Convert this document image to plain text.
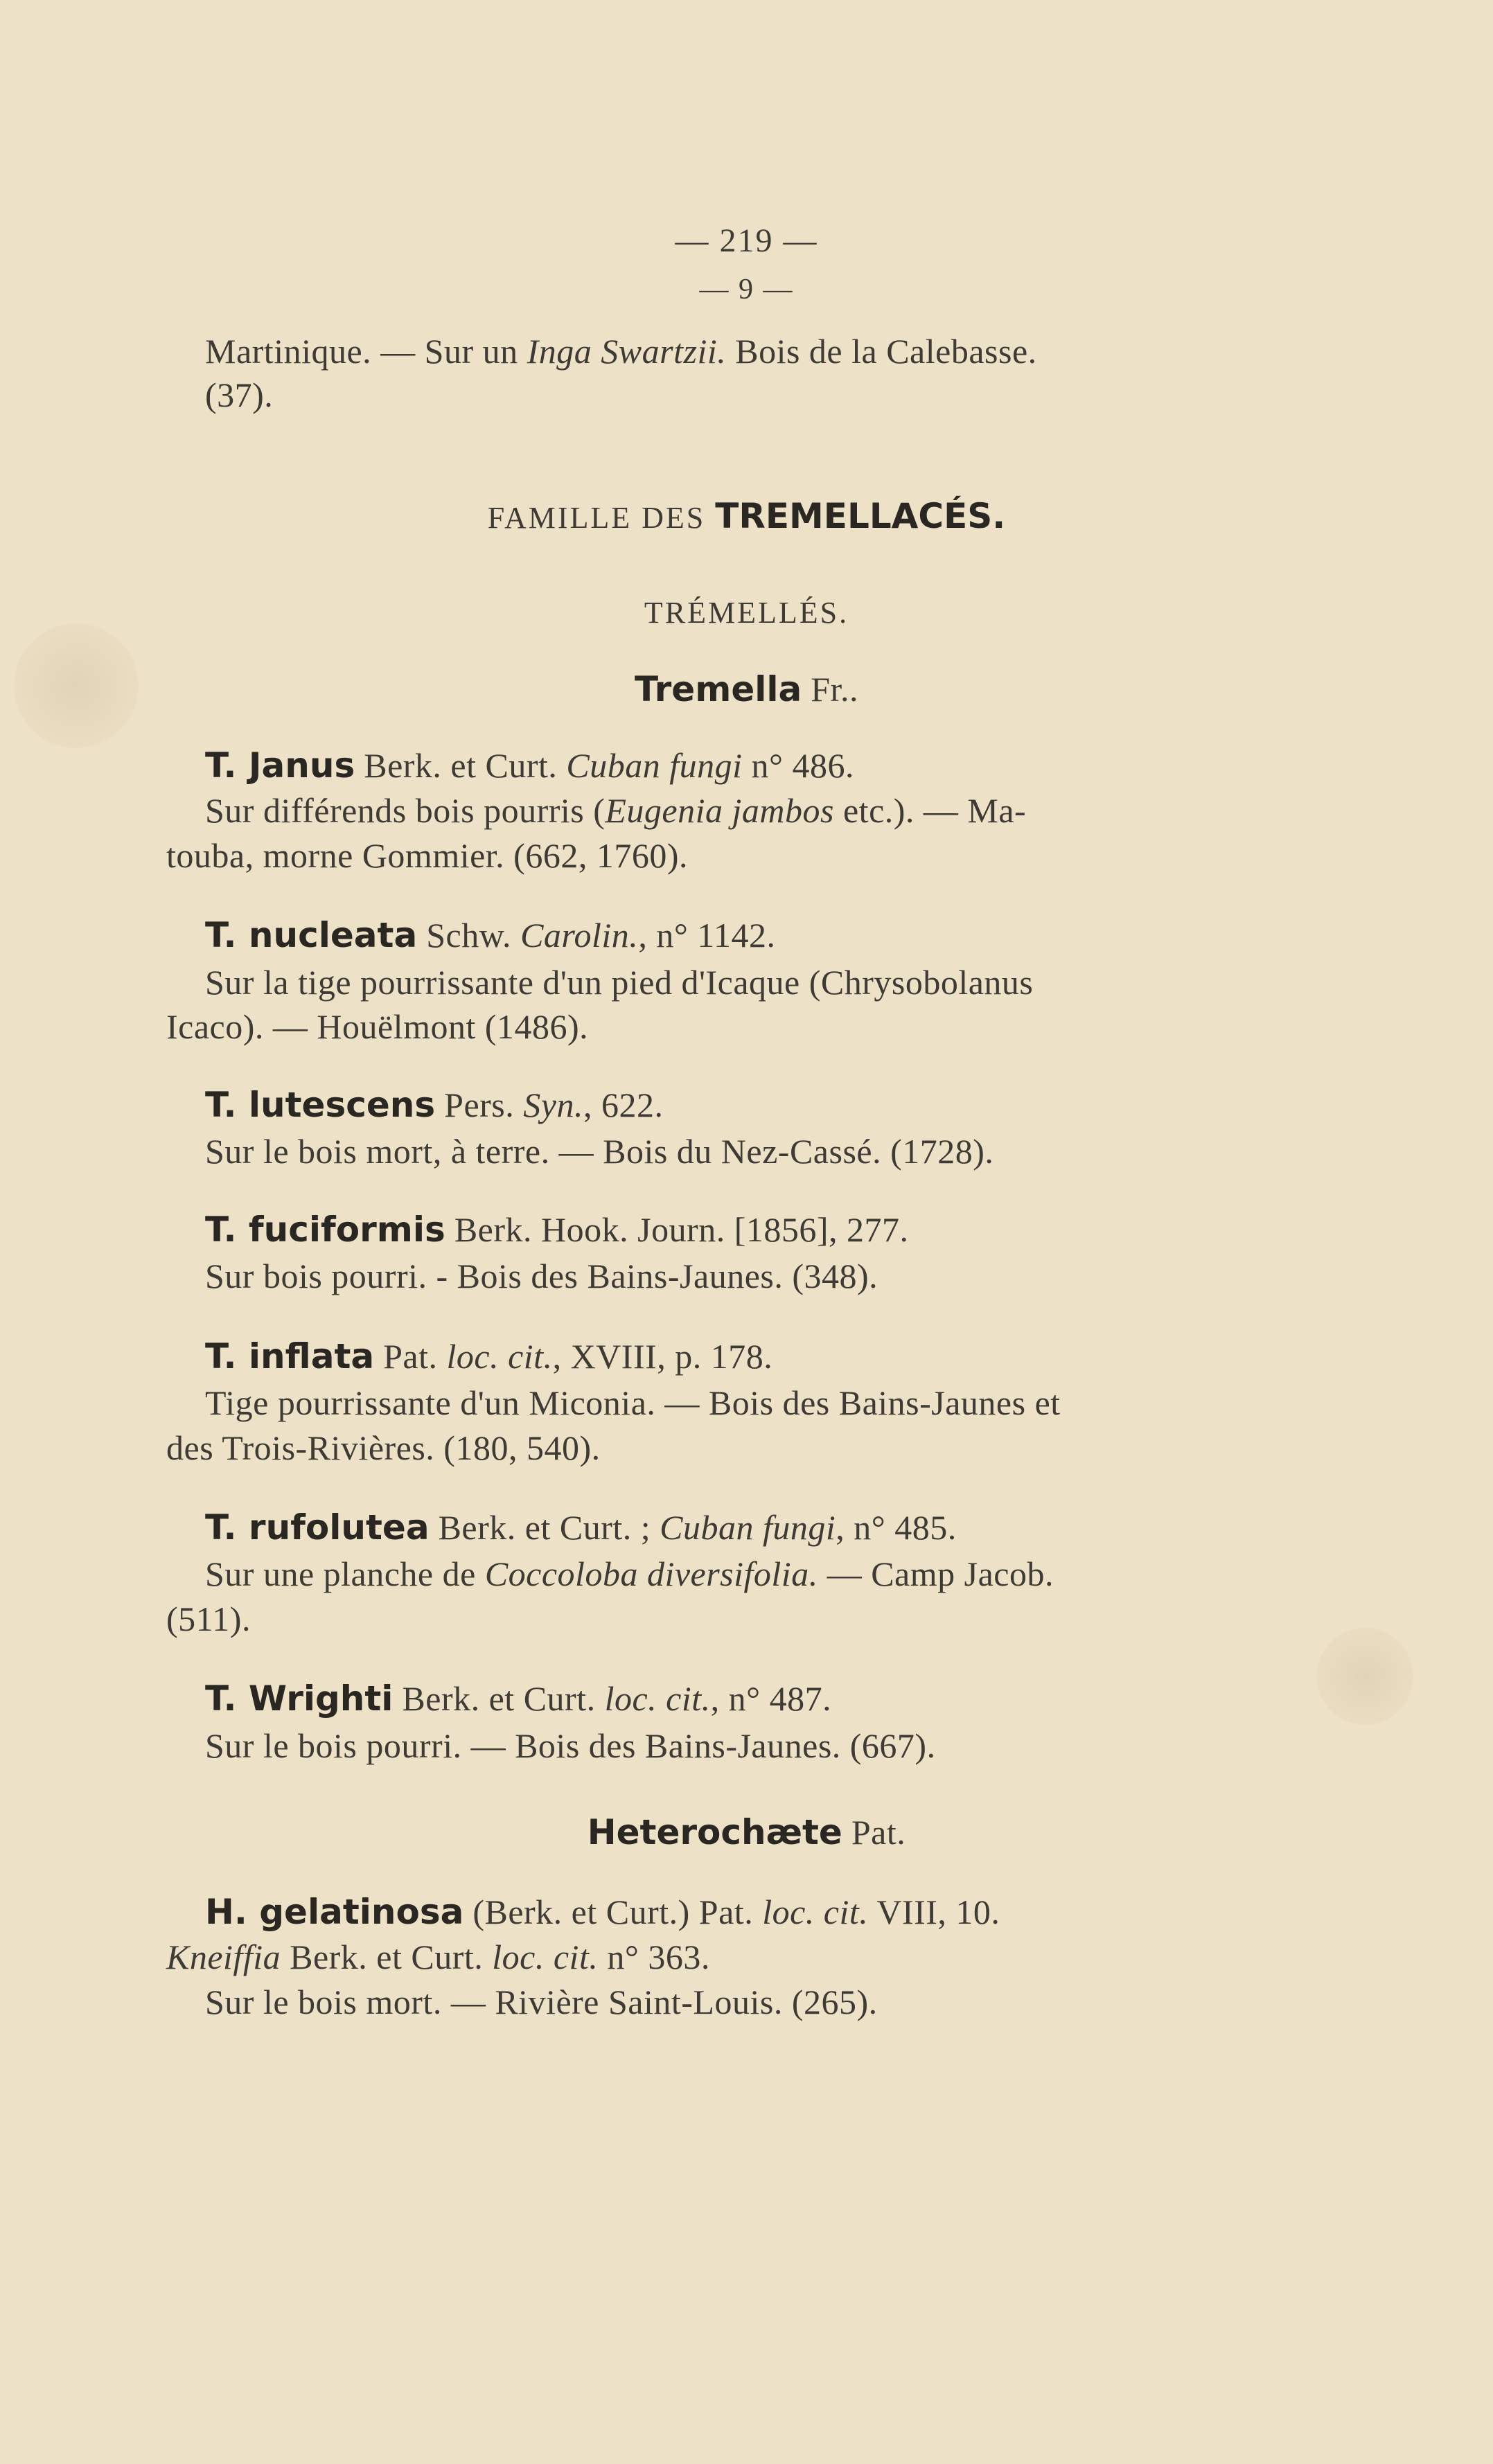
— 219 —
— 9 —
Martinique. — Sur un Inga Swartzii. Bois de la Calebasse.
(37).
FAMILLE DES TREMELLACÉS.
TRÉMELLÉS.
Tremella Fr..
T. Janus Berk. et Curt. Cuban fungi n° 486.
Sur différends bois pourris (Eugenia jambos etc.). — Ma-
touba, morne Gommier. (662, 1760).
T. nucleata Schw. Carolin., n° 1142.
Sur la tige pourrissante d'un pied d'Icaque (Chrysobolanus
Icaco). — Houëlmont (1486).
T. lutescens Pers. Syn., 622.
Sur le bois mort, à terre. — Bois du Nez-Cassé. (1728).
T. fuciformis Berk. Hook. Journ. [1856], 277.
Sur bois pourri. - Bois des Bains-Jaunes. (348).
T. inflata Pat. loc. cit., XVIII, p. 178.
Tige pourrissante d'un Miconia. — Bois des Bains-Jaunes et
des Trois-Rivières. (180, 540).
T. rufolutea Berk. et Curt. ; Cuban fungi, n° 485.
Sur une planche de Coccoloba diversifolia. — Camp Jacob.
(511).
T. Wrighti Berk. et Curt. loc. cit., n° 487.
Sur le bois pourri. — Bois des Bains-Jaunes. (667).
Heterochæte Pat.
H. gelatinosa (Berk. et Curt.) Pat. loc. cit. VIII, 10.
Kneiffia Berk. et Curt. loc. cit. n° 363.
Sur le bois mort. — Rivière Saint-Louis. (265).
